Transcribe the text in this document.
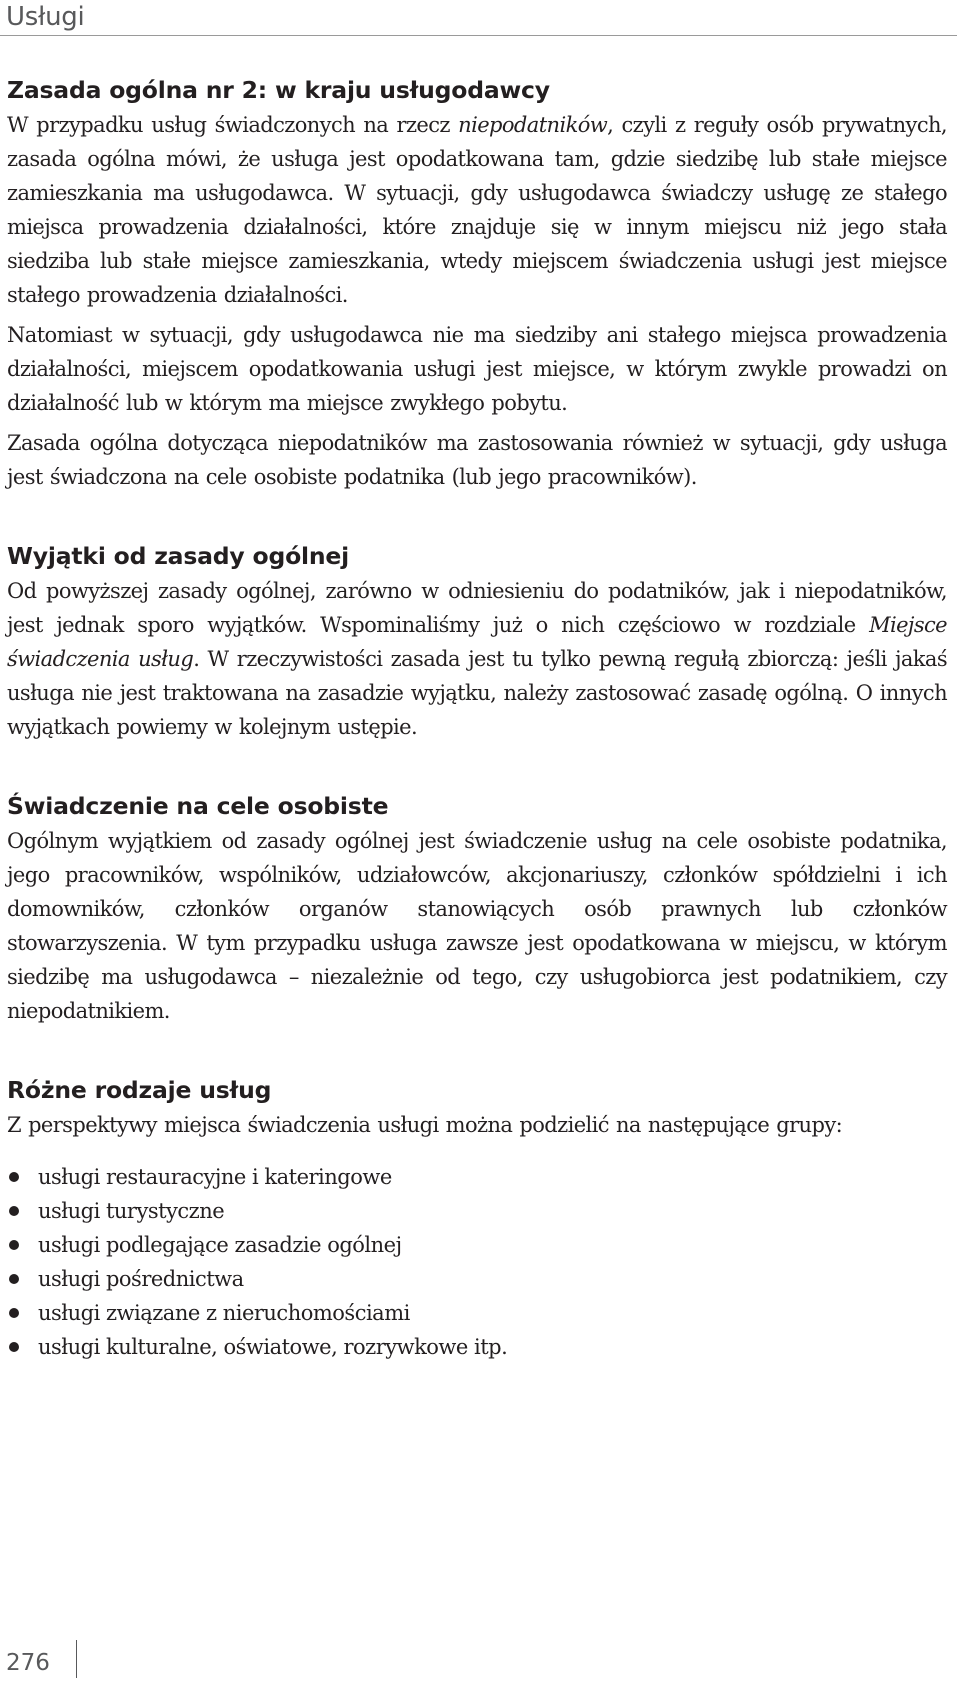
Usługi
Zasada ogólna nr 2: w kraju usługodawcy

W przypadku usług świadczonych na rzecz niepodatników, czyli z reguły osób prywatnych, zasada ogólna mówi, że usługa jest opodatkowana tam, gdzie siedzibę lub stałe miejsce zamieszkania ma usługodawca. W sytuacji, gdy usługodawca świadczy usługę ze stałego miejsca prowadzenia działalności, które znajduje się w innym miejscu niż jego stała siedziba lub stałe miejsce zamieszkania, wtedy miejscem świadczenia usługi jest miejsce stałego prowadzenia działalności.

Natomiast w sytuacji, gdy usługodawca nie ma siedziby ani stałego miejsca prowadzenia działalności, miejscem opodatkowania usługi jest miejsce, w którym zwykle prowadzi on działalność lub w którym ma miejsce zwykłego pobytu.

Zasada ogólna dotycząca niepodatników ma zastosowania również w sytuacji, gdy usługa jest świadczona na cele osobiste podatnika (lub jego pracowników).

Wyjątki od zasady ogólnej

Od powyższej zasady ogólnej, zarówno w odniesieniu do podatników, jak i niepodatników, jest jednak sporo wyjątków. Wspominaliśmy już o nich częściowo w rozdziale Miejsce świadczenia usług. W rzeczywistości zasada jest tu tylko pewną regułą zbiorczą: jeśli jakaś usługa nie jest traktowana na zasadzie wyjątku, należy zastosować zasadę ogólną. O innych wyjątkach powiemy w kolejnym ustępie.

Świadczenie na cele osobiste

Ogólnym wyjątkiem od zasady ogólnej jest świadczenie usług na cele osobiste podatnika, jego pracowników, wspólników, udziałowców, akcjonariuszy, członków spółdzielni i ich domowników, członków organów stanowiących osób prawnych lub członków stowarzyszenia. W tym przypadku usługa zawsze jest opodatkowana w miejscu, w którym siedzibę ma usługodawca – niezależnie od tego, czy usługobiorca jest podatnikiem, czy niepodatnikiem.

Różne rodzaje usług

Z perspektywy miejsca świadczenia usługi można podzielić na następujące grupy:

usługi restauracyjne i kateringowe
usługi turystyczne
usługi podlegające zasadzie ogólnej
usługi pośrednictwa
usługi związane z nieruchomościami
usługi kulturalne, oświatowe, rozrywkowe itp.
276
